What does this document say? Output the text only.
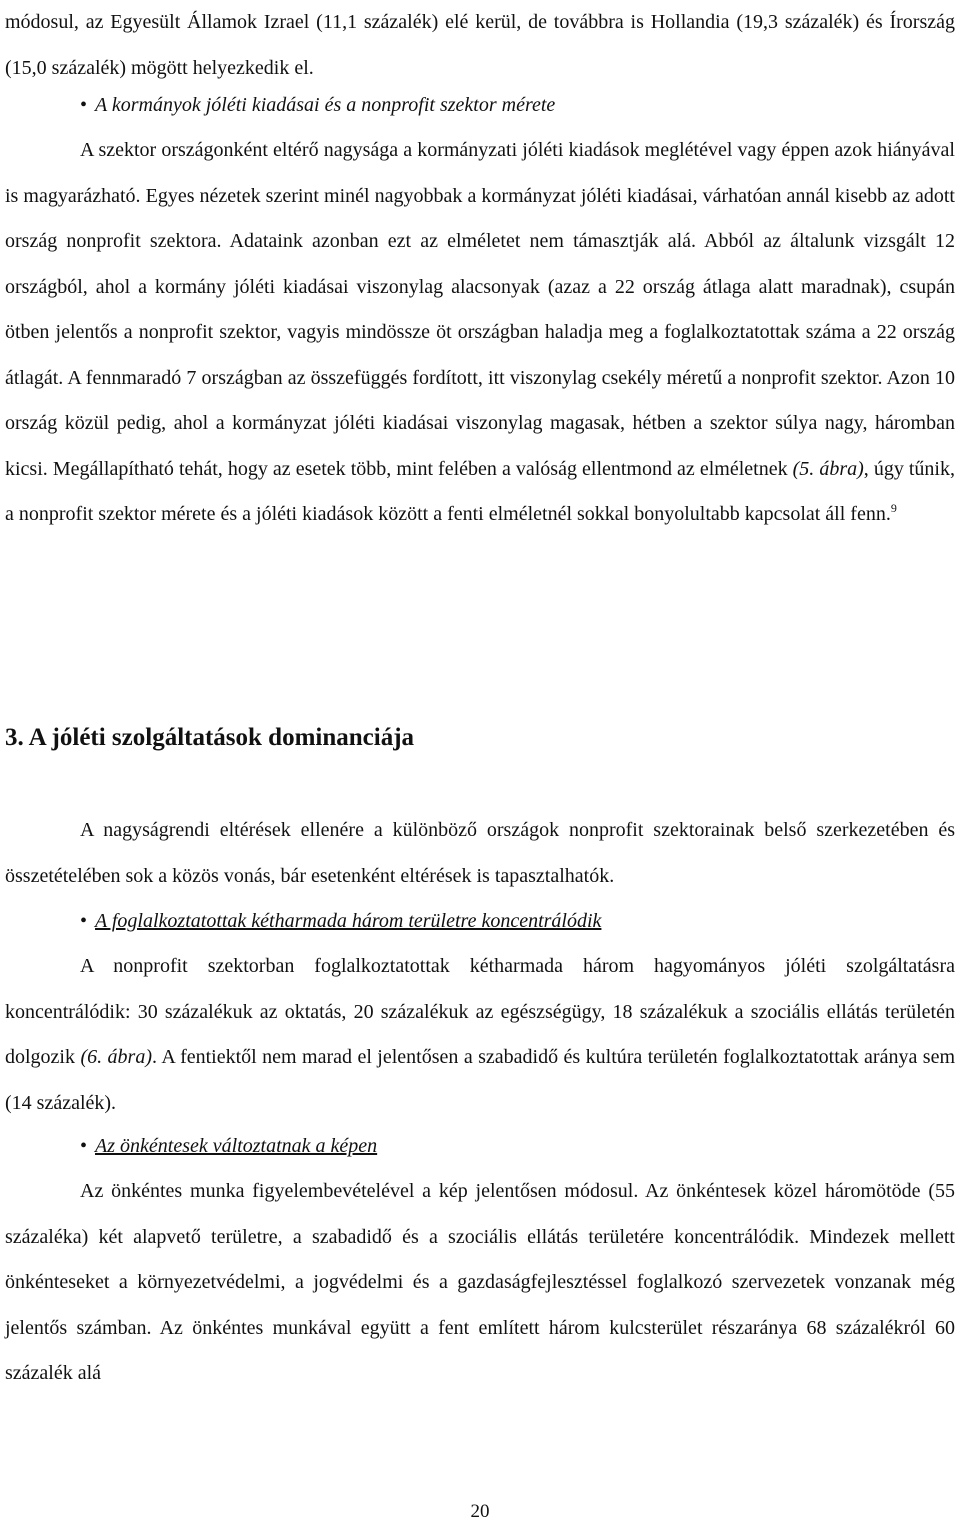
módosul, az Egyesült Államok Izrael (11,1 százalék) elé kerül, de továbbra is Hollandia (19,3 százalék) és Írország (15,0 százalék) mögött helyezkedik el.

• A kormányok jóléti kiadásai és a nonprofit szektor mérete

A szektor országonként eltérő nagysága a kormányzati jóléti kiadások meglétével vagy éppen azok hiányával is magyarázható. Egyes nézetek szerint minél nagyobbak a kormányzat jóléti kiadásai, várhatóan annál kisebb az adott ország nonprofit szektora. Adataink azonban ezt az elméletet nem támasztják alá. Abból az általunk vizsgált 12 országból, ahol a kormány jóléti kiadásai viszonylag alacsonyak (azaz a 22 ország átlaga alatt maradnak), csupán ötben jelentős a nonprofit szektor, vagyis mindössze öt országban haladja meg a foglalkoztatottak száma a 22 ország átlagát. A fennmaradó 7 országban az összefüggés fordított, itt viszonylag csekély méretű a nonprofit szektor. Azon 10 ország közül pedig, ahol a kormányzat jóléti kiadásai viszonylag magasak, hétben a szektor súlya nagy, háromban kicsi. Megállapítható tehát, hogy az esetek több, mint felében a valóság ellentmond az elméletnek (5. ábra), úgy tűnik, a nonprofit szektor mérete és a jóléti kiadások között a fenti elméletnél sokkal bonyolultabb kapcsolat áll fenn.$^9$

3. A jóléti szolgáltatások dominanciája

A nagyságrendi eltérések ellenére a különböző országok nonprofit szektorainak belső szerkezetében és összetételében sok a közös vonás, bár esetenként eltérések is tapasztalhatók.

• A foglalkoztatottak kétharmada három területre koncentrálódik

A nonprofit szektorban foglalkoztatottak kétharmada három hagyományos jóléti szolgáltatásra koncentrálódik: 30 százalékuk az oktatás, 20 százalékuk az egészségügy, 18 százalékuk a szociális ellátás területén dolgozik (6. ábra). A fentiektől nem marad el jelentősen a szabadidő és kultúra területén foglalkoztatottak aránya sem (14 százalék).

• Az önkéntesek változtatnak a képen

Az önkéntes munka figyelembevételével a kép jelentősen módosul. Az önkéntesek közel háromötöde (55 százaléka) két alapvető területre, a szabadidő és a szociális ellátás területére koncentrálódik. Mindezek mellett önkénteseket a környezetvédelmi, a jogvédelmi és a gazdaságfejlesztéssel foglalkozó szervezetek vonzanak még jelentős számban. Az önkéntes munkával együtt a fent említett három kulcsterület részaránya 68 százalékról 60 százalék alá

20
